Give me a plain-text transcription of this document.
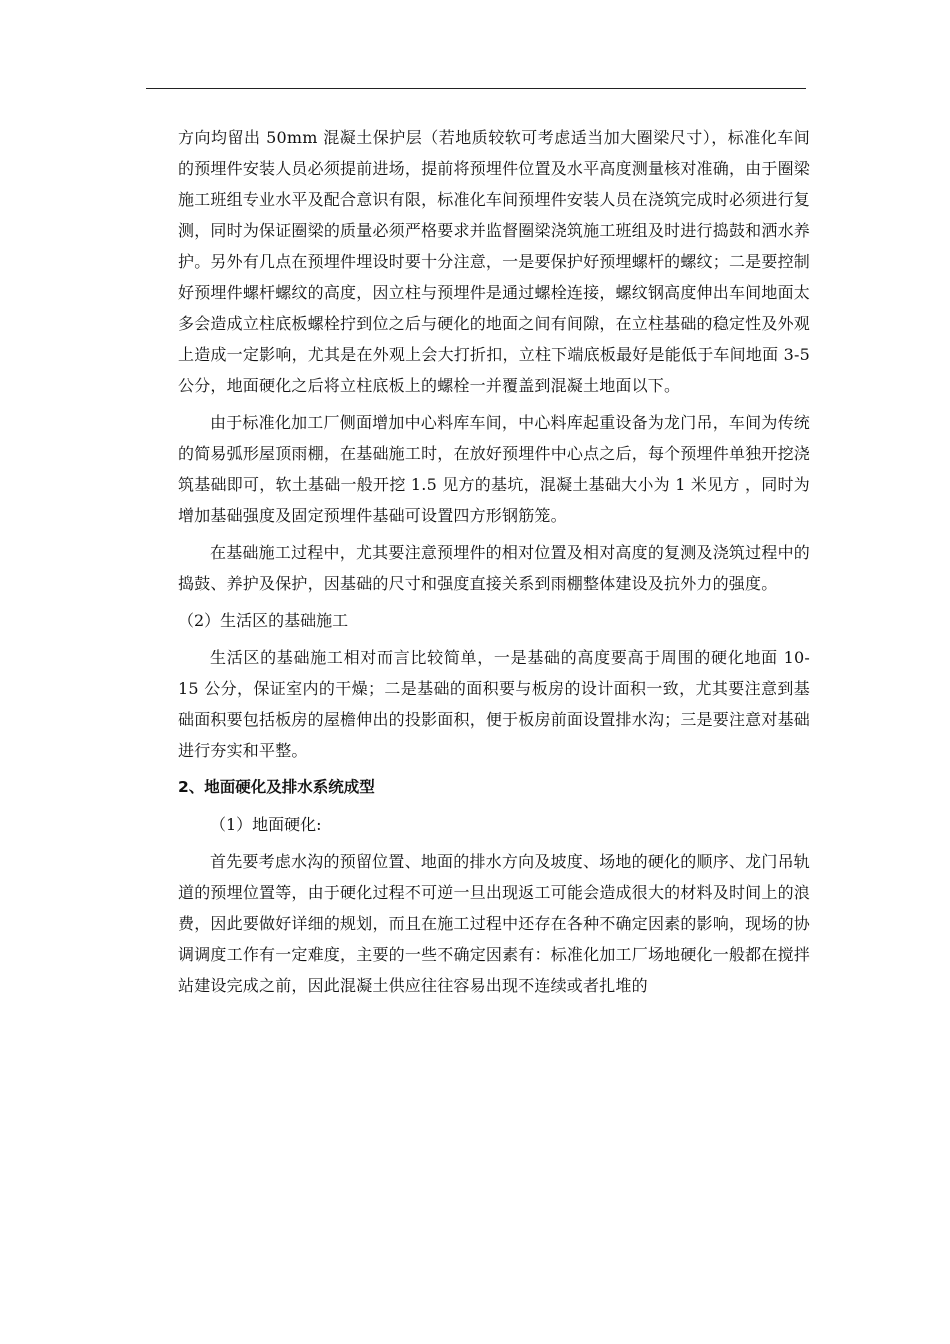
方向均留出 50mm 混凝土保护层（若地质较软可考虑适当加大圈梁尺寸），标准化车间的预埋件安装人员必须提前进场，提前将预埋件位置及水平高度测量核对准确，由于圈梁施工班组专业水平及配合意识有限，标准化车间预埋件安装人员在浇筑完成时必须进行复测，同时为保证圈梁的质量必须严格要求并监督圈梁浇筑施工班组及时进行捣鼓和洒水养护。另外有几点在预埋件埋设时要十分注意，一是要保护好预埋螺杆的螺纹；二是要控制好预埋件螺杆螺纹的高度，因立柱与预埋件是通过螺栓连接，螺纹钢高度伸出车间地面太多会造成立柱底板螺栓拧到位之后与硬化的地面之间有间隙，在立柱基础的稳定性及外观上造成一定影响，尤其是在外观上会大打折扣，立柱下端底板最好是能低于车间地面 3-5 公分，地面硬化之后将立柱底板上的螺栓一并覆盖到混凝土地面以下。

由于标准化加工厂侧面增加中心料库车间，中心料库起重设备为龙门吊，车间为传统的简易弧形屋顶雨棚，在基础施工时，在放好预埋件中心点之后，每个预埋件单独开挖浇筑基础即可，软土基础一般开挖 1.5 见方的基坑，混凝土基础大小为 1 米见方 ，同时为增加基础强度及固定预埋件基础可设置四方形钢筋笼。

在基础施工过程中，尤其要注意预埋件的相对位置及相对高度的复测及浇筑过程中的捣鼓、养护及保护，因基础的尺寸和强度直接关系到雨棚整体建设及抗外力的强度。

（2）生活区的基础施工

生活区的基础施工相对而言比较简单，一是基础的高度要高于周围的硬化地面 10-15 公分，保证室内的干燥；二是基础的面积要与板房的设计面积一致，尤其要注意到基础面积要包括板房的屋檐伸出的投影面积，便于板房前面设置排水沟；三是要注意对基础进行夯实和平整。

2、地面硬化及排水系统成型

（1）地面硬化:

首先要考虑水沟的预留位置、地面的排水方向及坡度、场地的硬化的顺序、龙门吊轨道的预埋位置等，由于硬化过程不可逆一旦出现返工可能会造成很大的材料及时间上的浪费，因此要做好详细的规划，而且在施工过程中还存在各种不确定因素的影响，现场的协调调度工作有一定难度，主要的一些不确定因素有：标准化加工厂场地硬化一般都在搅拌站建设完成之前，因此混凝土供应往往容易出现不连续或者扎堆的
